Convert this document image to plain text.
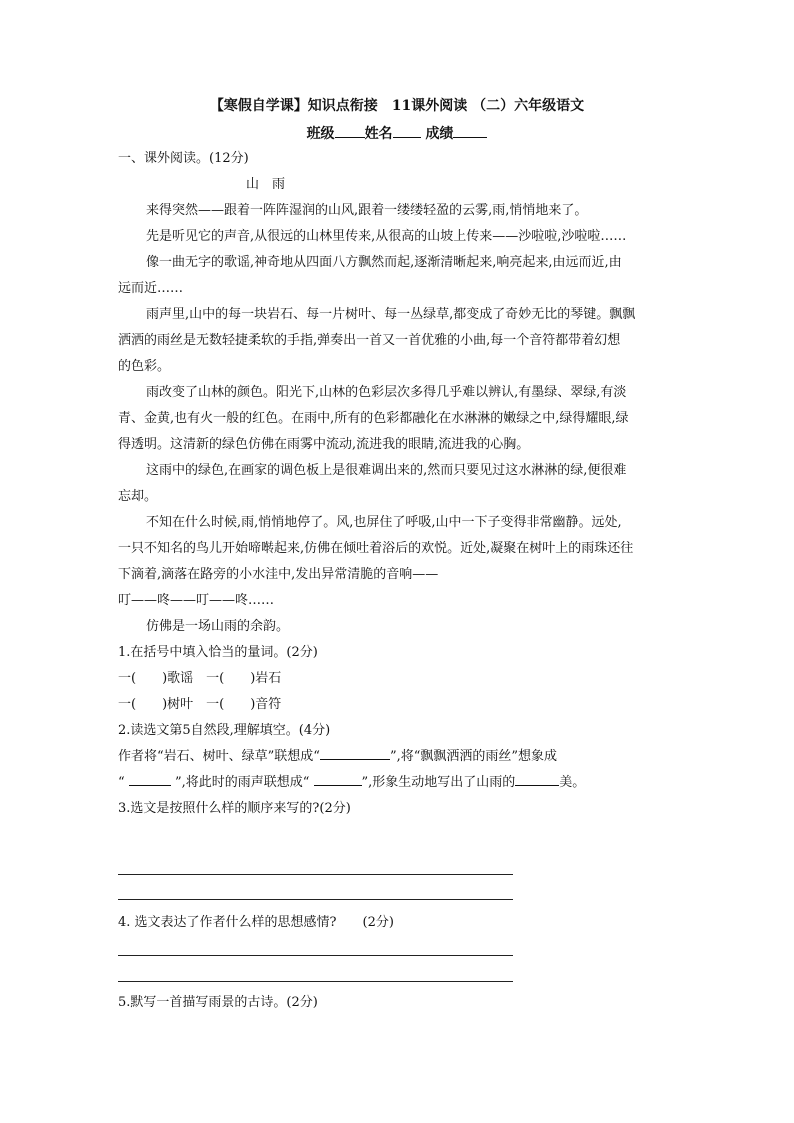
【寒假自学课】知识点衔接　11课外阅读 （二）六年级语文
班级 姓名 成绩
一、课外阅读。(12分)
山　雨
来得突然——跟着一阵阵湿润的山风,跟着一缕缕轻盈的云雾,雨,悄悄地来了。
先是听见它的声音,从很远的山林里传来,从很高的山坡上传来——沙啦啦,沙啦啦……
像一曲无字的歌谣,神奇地从四面八方飘然而起,逐渐清晰起来,响亮起来,由远而近,由
远而近……
雨声里,山中的每一块岩石、每一片树叶、每一丛绿草,都变成了奇妙无比的琴键。飘飘
洒洒的雨丝是无数轻捷柔软的手指,弹奏出一首又一首优雅的小曲,每一个音符都带着幻想
的色彩。
雨改变了山林的颜色。阳光下,山林的色彩层次多得几乎难以辨认,有墨绿、翠绿,有淡
青、金黄,也有火一般的红色。在雨中,所有的色彩都融化在水淋淋的嫩绿之中,绿得耀眼,绿
得透明。这清新的绿色仿佛在雨雾中流动,流进我的眼睛,流进我的心胸。
这雨中的绿色,在画家的调色板上是很难调出来的,然而只要见过这水淋淋的绿,便很难
忘却。
不知在什么时候,雨,悄悄地停了。风,也屏住了呼吸,山中一下子变得非常幽静。远处,
一只不知名的鸟儿开始啼啭起来,仿佛在倾吐着浴后的欢悦。近处,凝聚在树叶上的雨珠还往
下滴着,滴落在路旁的小水洼中,发出异常清脆的音响——
叮——咚——叮——咚……
仿佛是一场山雨的余韵。
1.在括号中填入恰当的量词。(2分)
一(　　)歌谣　一(　　)岩石
一(　　)树叶　一(　　)音符
2.读选文第5自然段,理解填空。(4分)
作者将“岩石、树叶、绿草”联想成“	”,将“飘飘洒洒的雨丝”想象成
“	”,将此时的雨声联想成“	”,形象生动地写出了山雨的	美。
3.选文是按照什么样的顺序来写的?(2分)
4. 选文表达了作者什么样的思想感情?　　(2分)
5.默写一首描写雨景的古诗。(2分)
